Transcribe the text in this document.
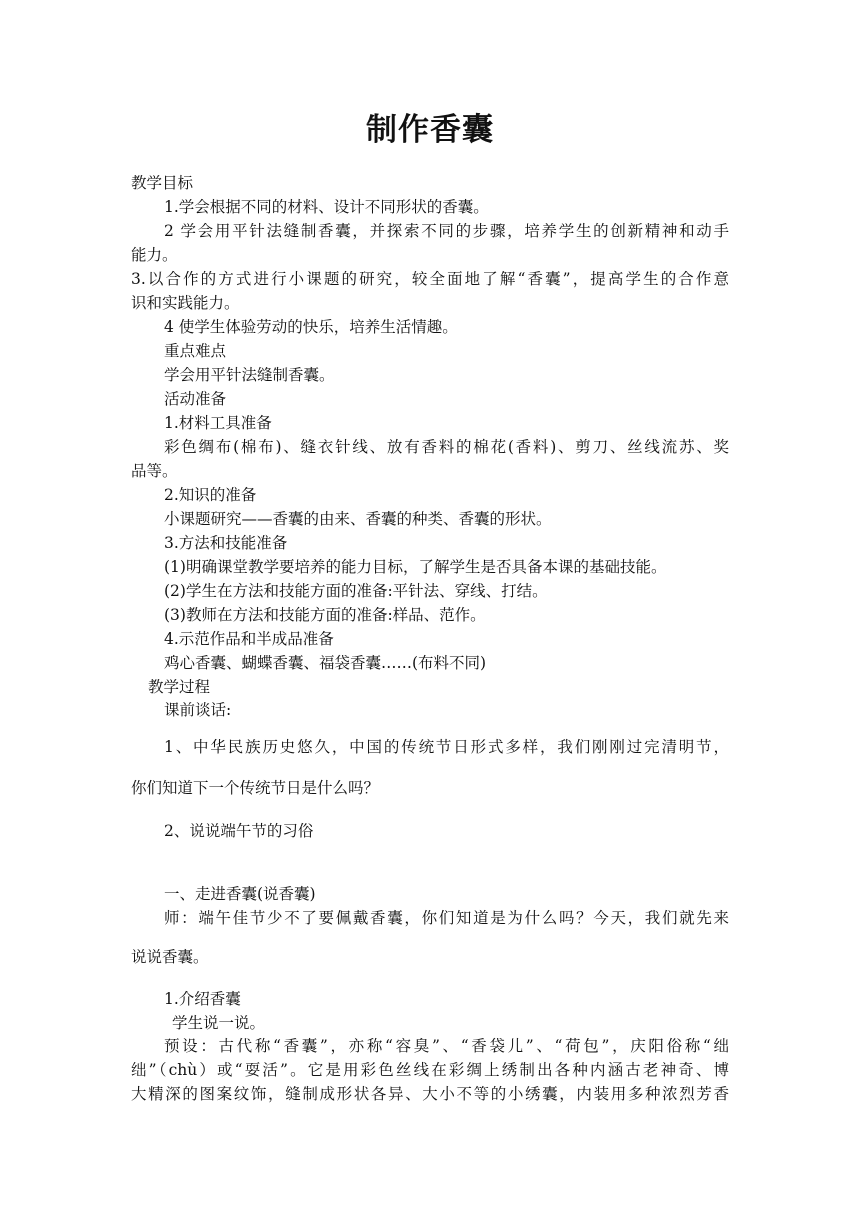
制作香囊
教学目标
1.学会根据不同的材料、设计不同形状的香囊。
2 学会用平针法缝制香囊，并探索不同的步骤，培养学生的创新精神和动手
能力。
3.以合作的方式进行小课题的研究，较全面地了解“香囊”，提高学生的合作意
识和实践能力。
4 使学生体验劳动的快乐，培养生活情趣。
重点难点
学会用平针法缝制香囊。
活动准备
1.材料工具准备
彩色绸布(棉布)、缝衣针线、放有香料的棉花(香料)、剪刀、丝线流苏、奖
品等。
2.知识的准备
小课题研究——香囊的由来、香囊的种类、香囊的形状。
3.方法和技能准备
(1)明确课堂教学要培养的能力目标，了解学生是否具备本课的基础技能。
(2)学生在方法和技能方面的准备:平针法、穿线、打结。
(3)教师在方法和技能方面的准备:样品、范作。
4.示范作品和半成品准备
鸡心香囊、蝴蝶香囊、福袋香囊……(布料不同)
教学过程
课前谈话:
1、中华民族历史悠久，中国的传统节日形式多样，我们刚刚过完清明节，
你们知道下一个传统节日是什么吗？
2、说说端午节的习俗
一、走进香囊(说香囊)
师：端午佳节少不了要佩戴香囊，你们知道是为什么吗？今天，我们就先来
说说香囊。
1.介绍香囊
学生说一说。
预设：古代称“香囊”，亦称“容臭”、“香袋儿”、“荷包”，庆阳俗称“绌
绌”（chù）或“耍活”。它是用彩色丝线在彩绸上绣制出各种内涵古老神奇、博
大精深的图案纹饰，缝制成形状各异、大小不等的小绣囊，内装用多种浓烈芳香
